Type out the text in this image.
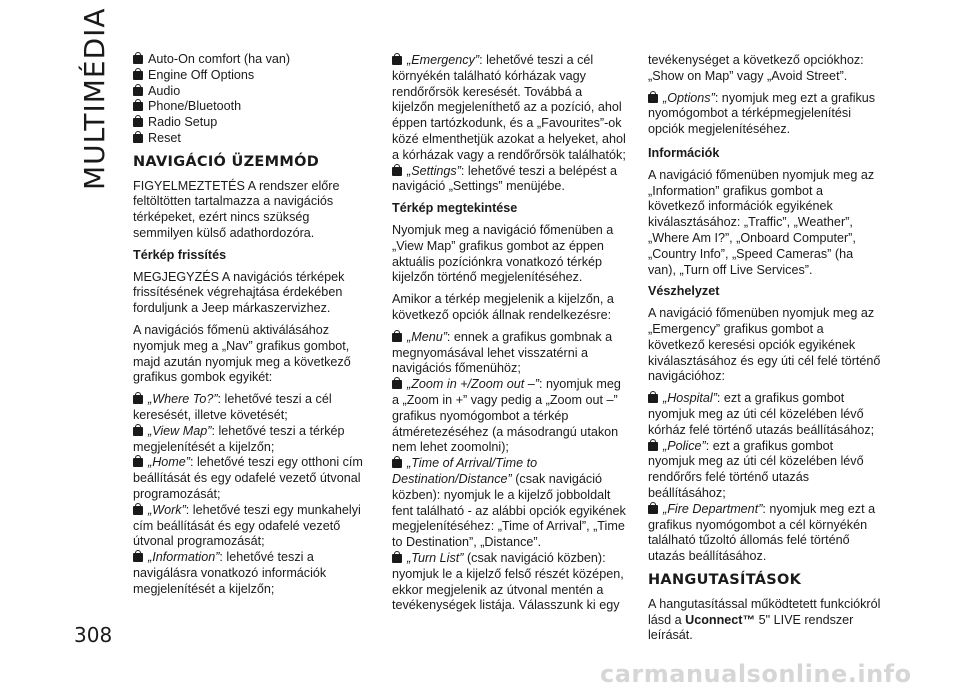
MULTIMÉDIA	Auto-On comfort (ha van)
Engine Off Options
Audio
Phone/Bluetooth
Radio Setup
Reset
NAVIGÁCIÓ ÜZEMMÓD

FIGYELMEZTETÉS A rendszer előre feltöltötten tartalmazza a navigációs térképeket, ezért nincs szükség semmilyen külső adathordozóra.

Térkép frissítés

MEGJEGYZÉS A navigációs térképek frissítésének végrehajtása érdekében forduljunk a Jeep márkaszervizhez.

A navigációs főmenü aktiválásához nyomjuk meg a „Nav” grafikus gombot, majd azután nyomjuk meg a következő grafikus gombok egyikét:

„Where To?”: lehetővé teszi a cél keresését, illetve követését;
„View Map”: lehetővé teszi a térkép megjelenítését a kijelzőn;
„Home”: lehetővé teszi egy otthoni cím beállítását és egy odafelé vezető útvonal programozását;
„Work”: lehetővé teszi egy munkahelyi cím beállítását és egy odafelé vezető útvonal programozását;
„Information”: lehetővé teszi a navigálásra vonatkozó információk megjelenítését a kijelzőn;
„Emergency”: lehetővé teszi a cél környékén található kórházak vagy rendőrőrsök keresését. Továbbá a kijelzőn megjeleníthető az a pozíció, ahol éppen tartózkodunk, és a „Favourites”-ok közé elmenthetjük azokat a helyeket, ahol a kórházak vagy a rendőrőrsök találhatók;
„Settings”: lehetővé teszi a belépést a navigáció „Settings” menüjébe.
Térkép megtekintése

Nyomjuk meg a navigáció főmenüben a „View Map” grafikus gombot az éppen aktuális pozíciónkra vonatkozó térkép kijelzőn történő megjelenítéséhez.

Amikor a térkép megjelenik a kijelzőn, a következő opciók állnak rendelkezésre:

„Menu”: ennek a grafikus gombnak a megnyomásával lehet visszatérni a navigációs főmenühöz;
„Zoom in +/Zoom out –”: nyomjuk meg a „Zoom in +” vagy pedig a „Zoom out –” grafikus nyomógombot a térkép átméretezéséhez (a másodrangú utakon nem lehet zoomolni);
„Time of Arrival/Time to Destination/Distance” (csak navigáció közben): nyomjuk le a kijelző jobboldalt fent található - az alábbi opciók egyikének megjelenítéséhez: „Time of Arrival”, „Time to Destination”, „Distance”.
„Turn List” (csak navigáció közben): nyomjuk le a kijelző felső részét középen, ekkor megjelenik az útvonal mentén a tevékenységek listája. Válasszunk ki egy

tevékenységet a következő opciókhoz: „Show on Map” vagy „Avoid Street”.

„Options”: nyomjuk meg ezt a grafikus nyomógombot a térképmegjelenítési opciók megjelenítéséhez.
Információk

A navigáció főmenüben nyomjuk meg az „Information” grafikus gombot a következő információk egyikének kiválasztásához: „Traffic”, „Weather”, „Where Am I?”, „Onboard Computer”, „Country Info”, „Speed Cameras” (ha van), „Turn off Live Services”.

Vészhelyzet

A navigáció főmenüben nyomjuk meg az „Emergency” grafikus gombot a következő keresési opciók egyikének kiválasztásához és egy úti cél felé történő navigációhoz:

„Hospital”: ezt a grafikus gombot nyomjuk meg az úti cél közelében lévő kórház felé történő utazás beállításához;
„Police”: ezt a grafikus gombot nyomjuk meg az úti cél közelében lévő rendőrőrs felé történő utazás beállításához;
„Fire Department”: nyomjuk meg ezt a grafikus nyomógombot a cél környékén található tűzoltó állomás felé történő utazás beállításához.
HANGUTASÍTÁSOK

A hangutasítással működtetett funkciókról lásd a Uconnect™ 5" LIVE rendszer leírását.

308
carmanualsonline.info
